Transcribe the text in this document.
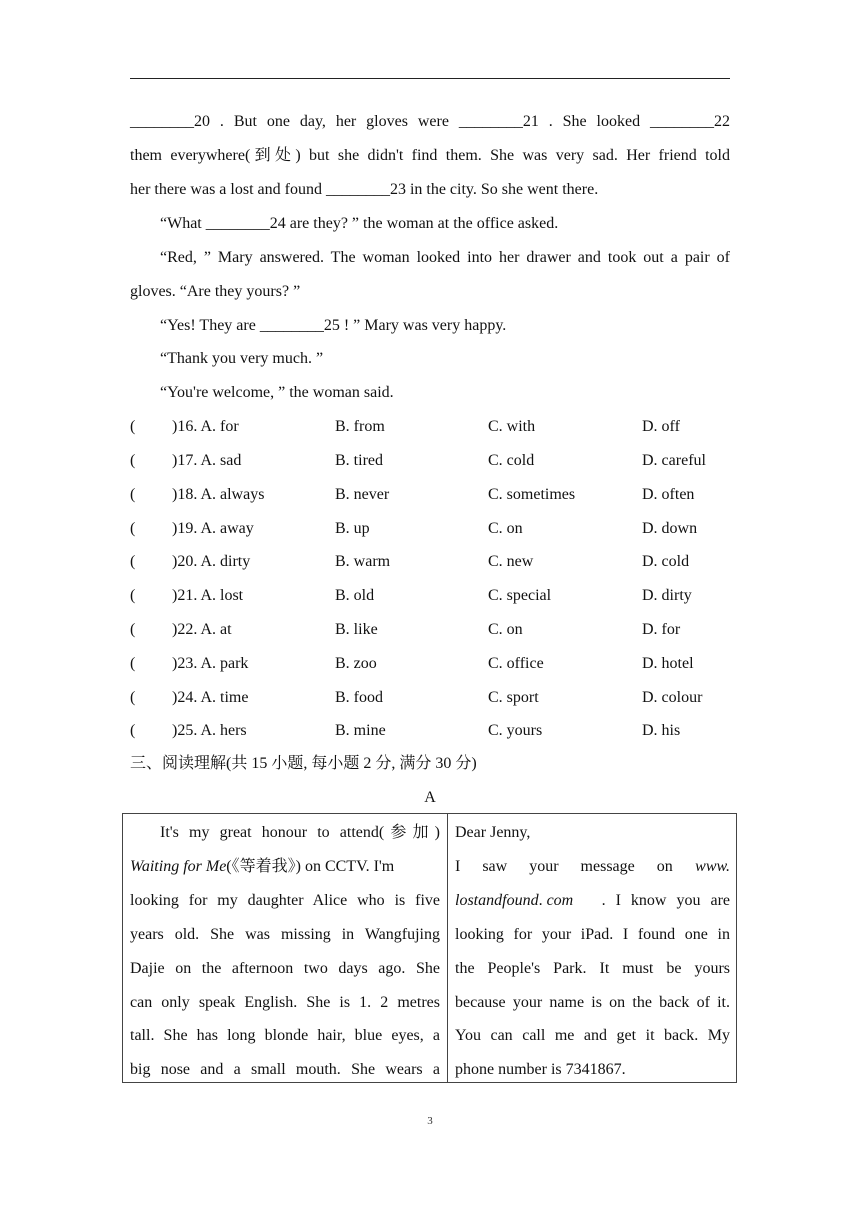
________20 . But one day, her gloves were ________21 . She looked ________22
them everywhere(到处) but she didn't find them. She was very sad. Her friend told
her there was a lost and found ________23 in the city. So she went there.
“What ________24 are they? ” the woman at the office asked.
“Red, ” Mary answered. The woman looked into her drawer and took out a pair of
gloves. “Are they yours? ”
“Yes! They are ________25 ! ” Mary was very happy.
“Thank you very much. ”
“You're welcome, ” the woman said.
( )16. A. for	B. from	C. with	D. off
( )17. A. sad	B. tired	C. cold	D. careful
( )18. A. always	B. never	C. sometimes	D. often
( )19. A. away	B. up	C. on	D. down
( )20. A. dirty	B. warm	C. new	D. cold
( )21. A. lost	B. old	C. special	D. dirty
( )22. A. at	B. like	C. on	D. for
( )23. A. park	B. zoo	C. office	D. hotel
( )24. A. time	B. food	C. sport	D. colour
( )25. A. hers	B. mine	C. yours	D. his
三、阅读理解(共 15 小题, 每小题 2 分, 满分 30 分)
A
It's my great honour to attend(参加)
Waiting for Me(《等着我》) on CCTV. I'm
looking for my daughter Alice who is five
years old. She was missing in Wangfujing
Dajie on the afternoon two days ago. She
can only speak English. She is 1. 2 metres
tall. She has long blonde hair, blue eyes, a
big nose and a small mouth. She wears a
Dear Jenny,
I saw your message on www.
lostandfound. com . I know you are
looking for your iPad. I found one in
the People's Park. It must be yours
because your name is on the back of it.
You can call me and get it back. My
phone number is 7341867.
3
